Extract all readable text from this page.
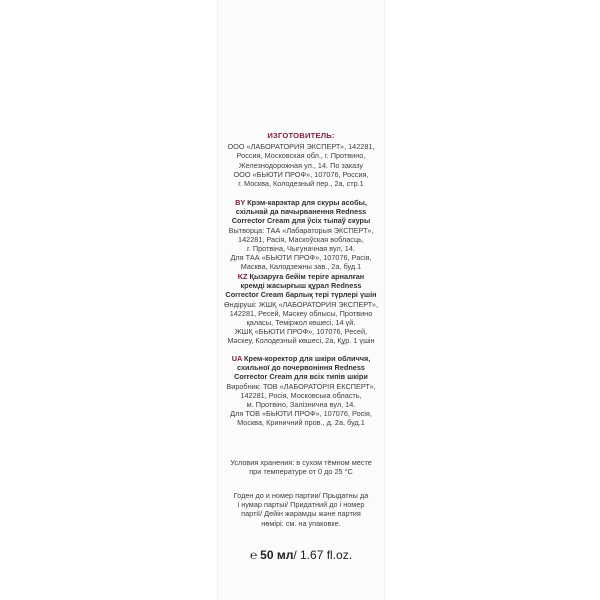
ИЗГОТОВИТЕЛЬ:

ООО «ЛАБОРАТОРИЯ ЭКСПЕРТ», 142281,

Россия, Московская обл., г. Протвино,

Железнодорожная ул., 14. По заказу

ООО «БЬЮТИ ПРОФ», 107076, Россия,

г. Москва, Колодезный пер., 2а, стр.1

BY Крэм-карэктар для скуры асобы,

схільнай да пачырванення Redness

Corrector Cream для ўсіх тыпаў скуры

Вытворца: ТАА «Лабараторыя ЭКСПЕРТ»,

142281, Расія, Маскоўская вобласць,

г. Протвіна, Чыгуначная вул, 14.

Для ТАА «БЬЮТИ ПРОФ», 107076, Расія,

Масква, Калодзежны зав., 2а, буд.1

KZ Қызаруға бейім теріге арналған

кремді жасырғыш құрал Redness

Corrector Cream барлық тері түрлері үшін

Өндіруші: ЖШҚ «ЛАБОРАТОРИЯ ЭКСПЕРТ»,

142281, Ресей, Мәскеу облысы, Протвино

қаласы, Теміржол көшесі, 14 үй.

ЖШҚ «БЬЮТИ ПРОФ», 107076, Ресей,

Мәскеу, Колодезный көшесі, 2а, Құр. 1 үшін

UA Крем-коректор для шкіри обличчя,

схильної до почервоніння Redness

Corrector Cream для всіх типів шкіри

Виробник: ТОВ «ЛАБОРАТОРІЯ ЕКСПЕРТ»,

142281, Росія, Московська область,

м. Протвіно, Залізнична вул, 14.

Для ТОВ «БЬЮТИ ПРОФ», 107076, Росія,

Москва, Криничний пров., д. 2а, буд.1

Условия хранения: в сухом тёмном месте

при температуре от 0 до 25 °С

Годен до и номер партии/ Прыдатны да

і нумар партыі/ Придатний до і номер

партії/ Дейін жарамды және партия

нөмірі: см. на упаковке.

℮ 50 мл/ 1.67 fl.oz.
